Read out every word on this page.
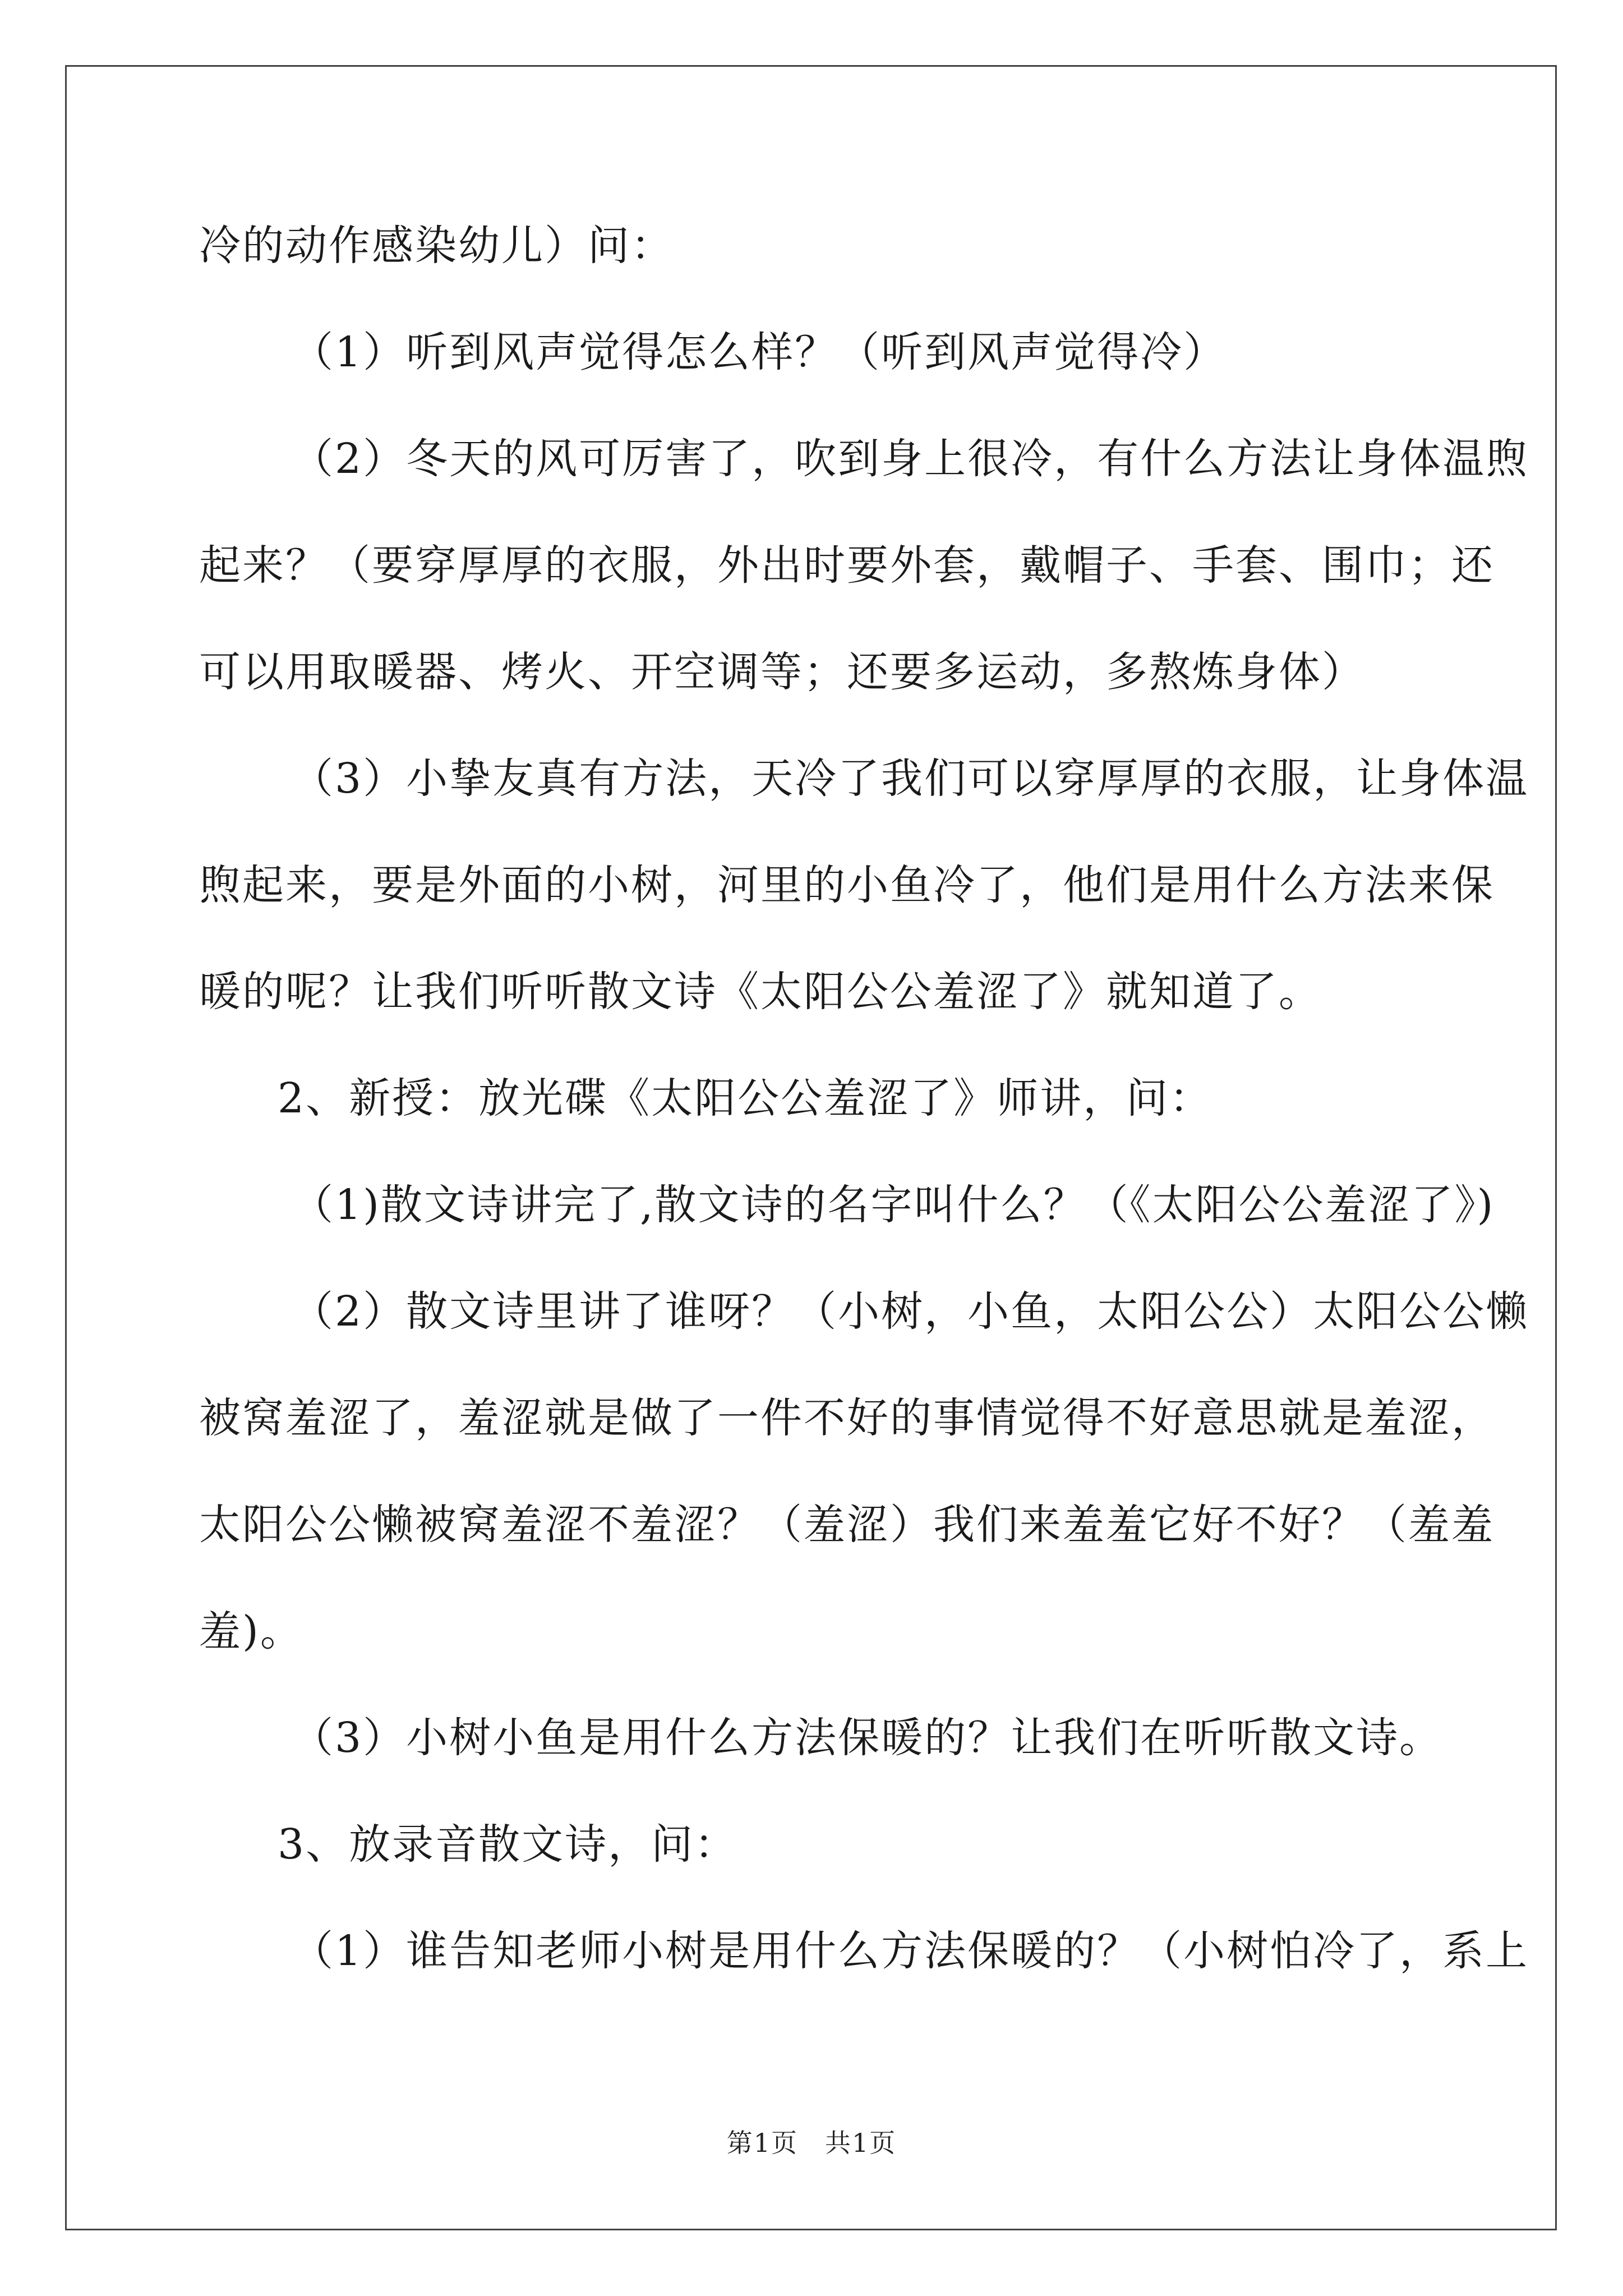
冷的动作感染幼儿）问：
（1）听到风声觉得怎么样？（听到风声觉得冷）
（2）冬天的风可厉害了，吹到身上很冷，有什么方法让身体温煦
起来？（要穿厚厚的衣服，外出时要外套，戴帽子、手套、围巾；还
可以用取暖器、烤火、开空调等；还要多运动，多熬炼身体）
（3）小挚友真有方法，天冷了我们可以穿厚厚的衣服，让身体温
煦起来，要是外面的小树，河里的小鱼冷了，他们是用什么方法来保
暖的呢？让我们听听散文诗《太阳公公羞涩了》就知道了。
2、新授：放光碟《太阳公公羞涩了》师讲，问：
（1)散文诗讲完了,散文诗的名字叫什么？（《太阳公公羞涩了》)
（2）散文诗里讲了谁呀？（小树，小鱼，太阳公公）太阳公公懒
被窝羞涩了，羞涩就是做了一件不好的事情觉得不好意思就是羞涩，
太阳公公懒被窝羞涩不羞涩？（羞涩）我们来羞羞它好不好？（羞羞
羞)。
（3）小树小鱼是用什么方法保暖的？让我们在听听散文诗。
3、放录音散文诗，问：
（1）谁告知老师小树是用什么方法保暖的？（小树怕冷了，系上
第1页　共1页
